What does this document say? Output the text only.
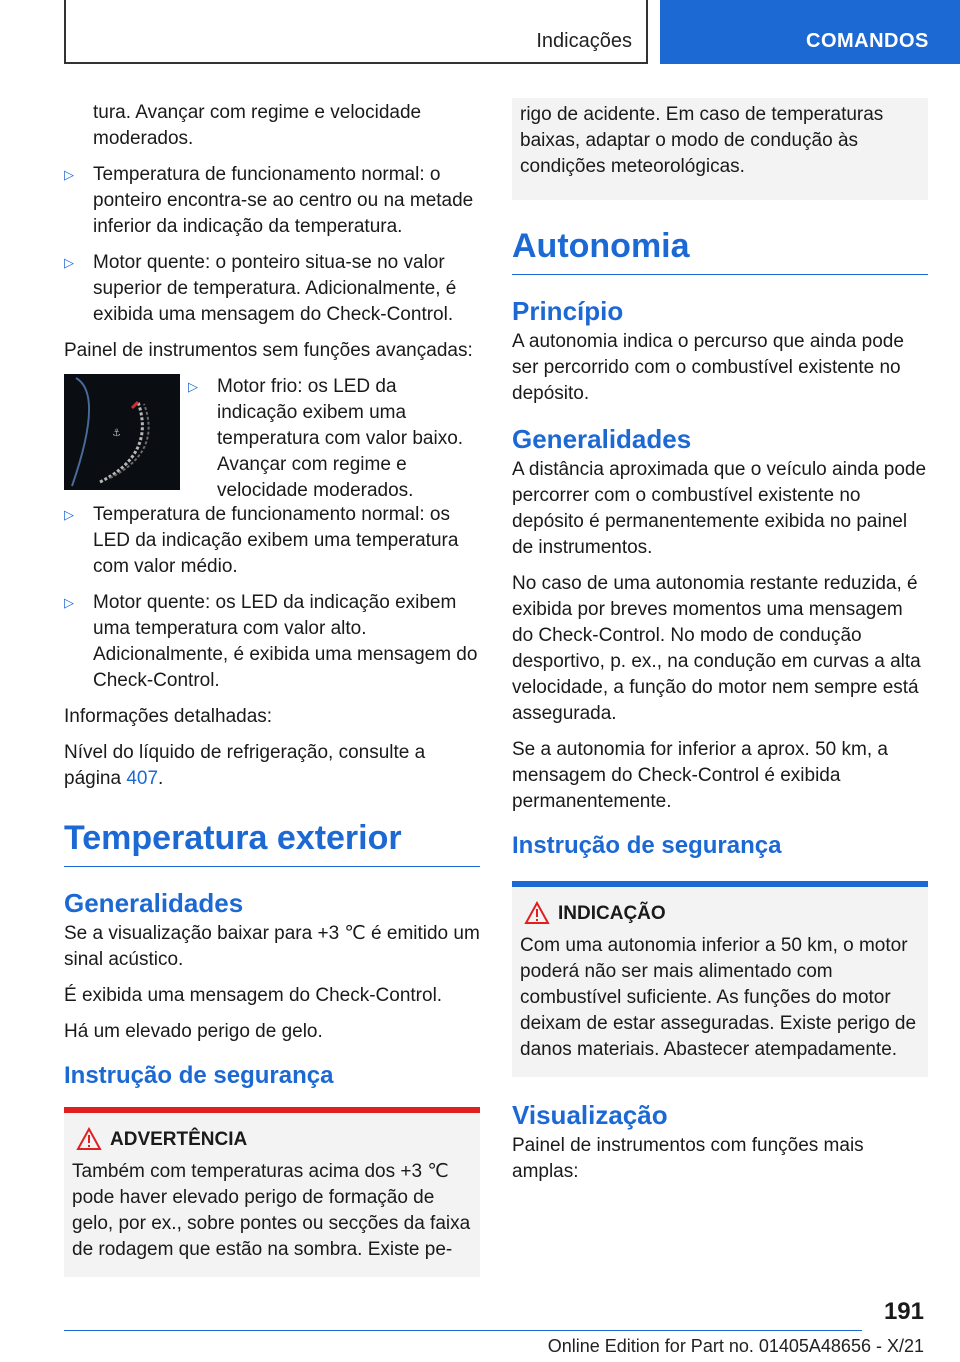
Indicações	COMANDOS

tura. Avançar com regime e velocidade moderados.

▷ Temperatura de funcionamento normal: o ponteiro encontra-se ao centro ou na metade inferior da indicação da temperatura.
▷ Motor quente: o ponteiro situa-se no valor superior de temperatura. Adicionalmente, é exibida uma mensagem do Check-Control.

Painel de instrumentos sem funções avançadas:

⚓
▷ Motor frio: os LED da indicação exibem uma temperatura com valor baixo. Avançar com regime e velocidade moderados.
▷ Temperatura de funcionamento normal: os LED da indicação exibem uma temperatura com valor médio.
▷ Motor quente: os LED da indicação exibem uma temperatura com valor alto. Adicionalmente, é exibida uma mensagem do Check-Control.

Informações detalhadas:

Nível do líquido de refrigeração, consulte a página 407.

Temperatura exterior
Generalidades

Se a visualização baixar para +3 ℃ é emitido um sinal acústico.

É exibida uma mensagem do Check-Control.

Há um elevado perigo de gelo.

Instrução de segurança
ADVERTÊNCIA

Também com temperaturas acima dos +3 ℃ pode haver elevado perigo de formação de gelo, por ex., sobre pontes ou secções da faixa de rodagem que estão na sombra. Existe pe-

rigo de acidente. Em caso de temperaturas baixas, adaptar o modo de condução às condições meteorológicas.

Autonomia
Princípio

A autonomia indica o percurso que ainda pode ser percorrido com o combustível existente no depósito.

Generalidades

A distância aproximada que o veículo ainda pode percorrer com o combustível existente no depósito é permanentemente exibida no painel de instrumentos.

No caso de uma autonomia restante reduzida, é exibida por breves momentos uma mensagem do Check-Control. No modo de condução desportivo, p. ex., na condução em curvas a alta velocidade, a função do motor nem sempre está assegurada.

Se a autonomia for inferior a aprox. 50 km, a mensagem do Check-Control é exibida permanentemente.

Instrução de segurança
INDICAÇÃO

Com uma autonomia inferior a 50 km, o motor poderá não ser mais alimentado com combustível suficiente. As funções do motor deixam de estar asseguradas. Existe perigo de danos materiais. Abastecer atempadamente.

Visualização

Painel de instrumentos com funções mais amplas:

191
Online Edition for Part no. 01405A48656 - X/21
